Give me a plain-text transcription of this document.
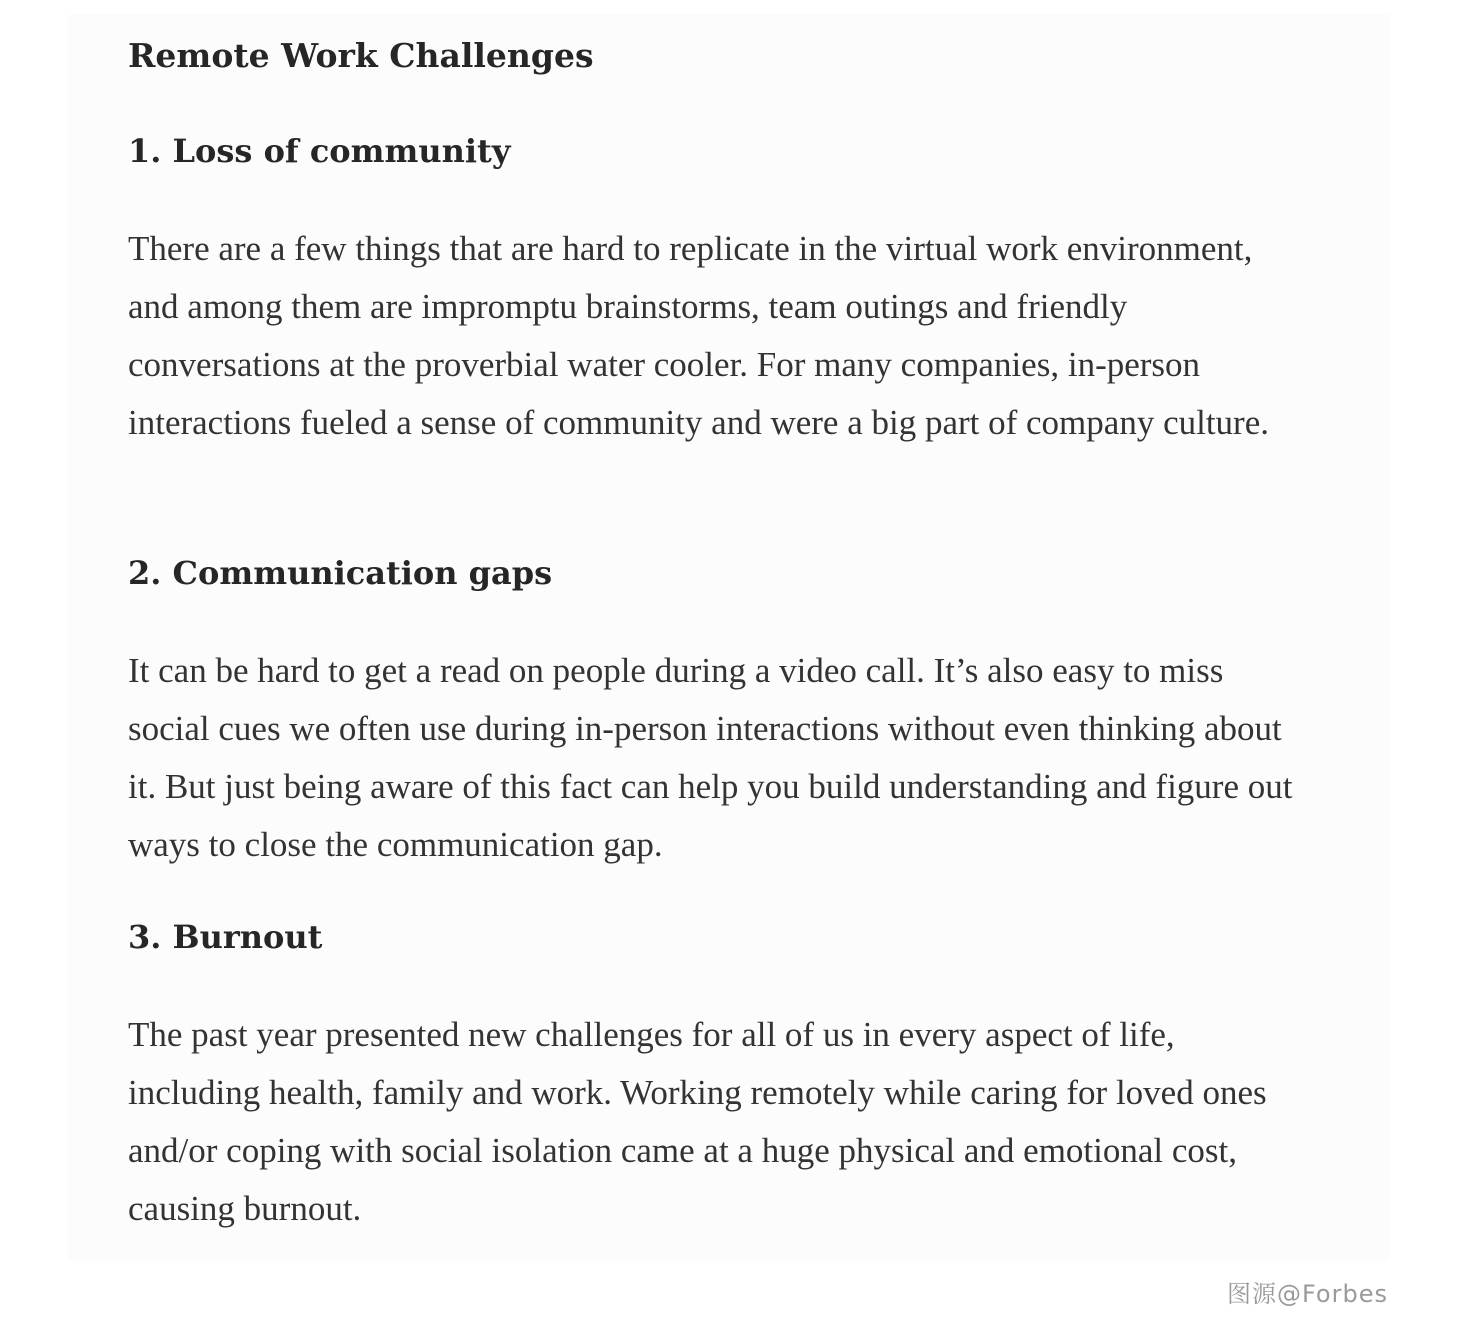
Remote Work Challenges
1. Loss of community

There are a few things that are hard to replicate in the virtual work environment, and among them are impromptu brainstorms, team outings and friendly conversations at the proverbial water cooler. For many companies, in-person interactions fueled a sense of community and were a big part of company culture.

2. Communication gaps

It can be hard to get a read on people during a video call. It’s also easy to miss social cues we often use during in-person interactions without even thinking about it. But just being aware of this fact can help you build understanding and figure out ways to close the communication gap.

3. Burnout

The past year presented new challenges for all of us in every aspect of life, including health, family and work. Working remotely while caring for loved ones and/or coping with social isolation came at a huge physical and emotional cost, causing burnout.

图源@Forbes
